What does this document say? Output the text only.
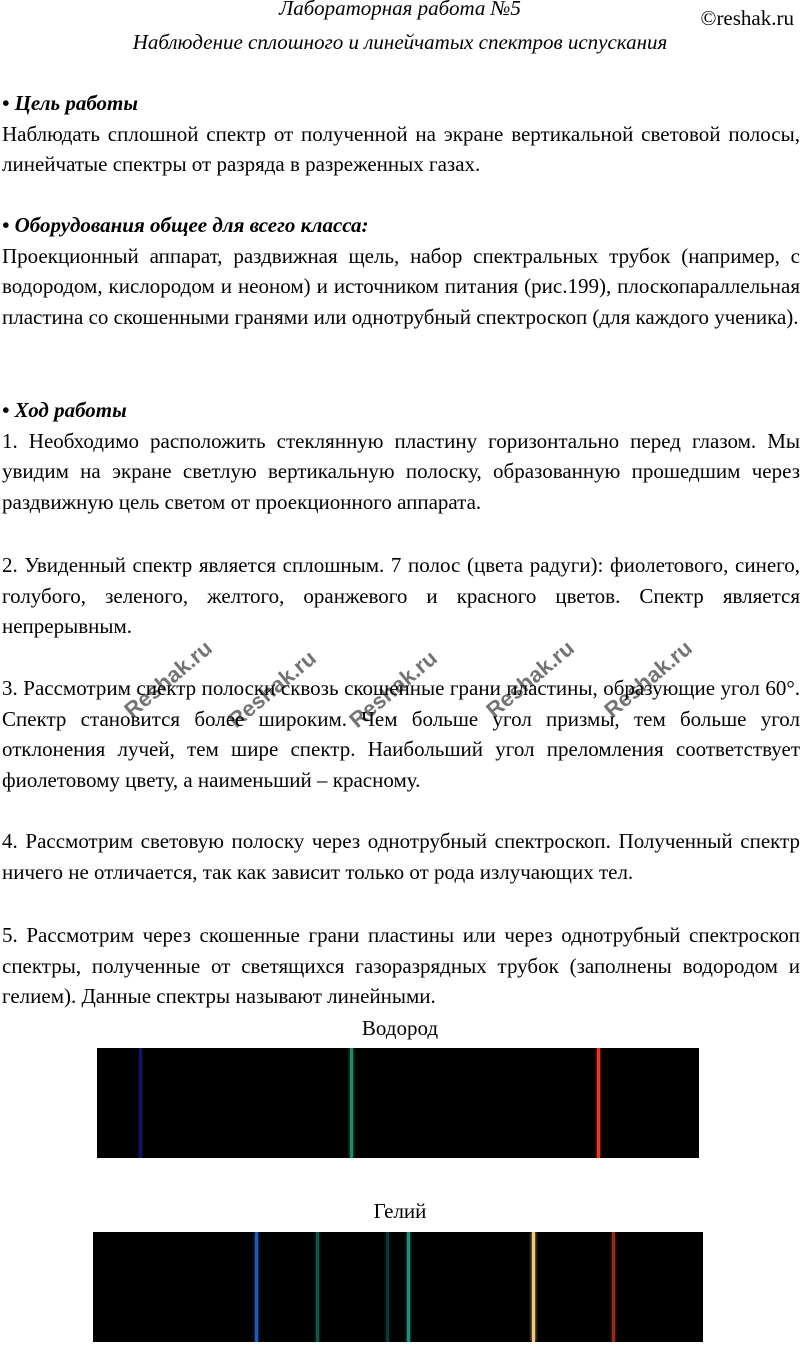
Лабораторная работа №5
Наблюдение сплошного и линейчатых спектров испускания
©reshak.ru

• Цель работы

Наблюдать сплошной спектр от полученной на экране вертикальной световой полосы, линейчатые спектры от разряда в разреженных газах.

• Оборудования общее для всего класса:

Проекционный аппарат, раздвижная щель, набор спектральных трубок (например, с водородом, кислородом и неоном) и источником питания (рис.199), плоскопараллельная пластина со скошенными гранями или однотрубный спектроскоп (для каждого ученика).

• Ход работы

1. Необходимо расположить стеклянную пластину горизонтально перед глазом. Мы увидим на экране светлую вертикальную полоску, образованную прошедшим через раздвижную цель светом от проекционного аппарата.

2. Увиденный спектр является сплошным. 7 полос (цвета радуги): фиолетового, синего, голубого, зеленого, желтого, оранжевого и красного цветов. Спектр является непрерывным.

3. Рассмотрим спектр полоски сквозь скошенные грани пластины, образующие угол 60°. Спектр становится более широким. Чем больше угол призмы, тем больше угол отклонения лучей, тем шире спектр. Наибольший угол преломления соответствует фиолетовому цвету, а наименьший – красному.

4. Рассмотрим световую полоску через однотрубный спектроскоп. Полученный спектр ничего не отличается, так как зависит только от рода излучающих тел.

5. Рассмотрим через скошенные грани пластины или через однотрубный спектроскоп спектры, полученные от светящихся газоразрядных трубок (заполнены водородом и гелием). Данные спектры называют линейными.

Водород
Гелий
Reshak.ru Reshak.ru Reshak.ru Reshak.ru Reshak.ru
